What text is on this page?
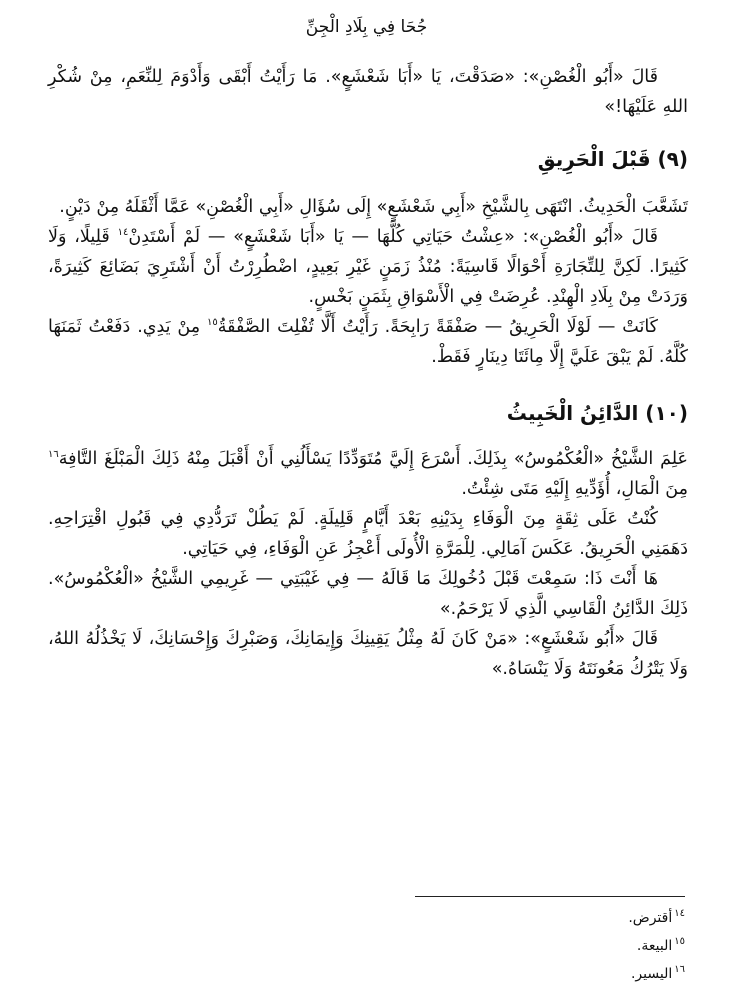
جُحَا فِي بِلَادِ الْجِنِّ

قَالَ «أَبُو الْغُصْنِ»: «صَدَقْتَ، يَا «أَبَا شَعْشَعٍ». مَا رَأَيْتُ أَبْقَى وَأَدْوَمَ لِلنِّعَمِ، مِنْ شُكْرِ اللهِ عَلَيْهَا!»

(٩) قَبْلَ الْحَرِيقِ

تَشَعَّبَ الْحَدِيثُ. انْتَهَى بِالشَّيْخِ «أَبِي شَعْشَعٍ» إِلَى سُؤَالِ «أَبِي الْغُصْنِ» عَمَّا أَثْقَلَهُ مِنْ دَيْنٍ.

قَالَ «أَبُو الْغُصْنِ»: «عِشْتُ حَيَاتِي كُلَّهَا — يَا «أَبَا شَعْشَعٍ» — لَمْ أَسْتَدِنْ$^{١٤}$ قَلِيلًا، وَلَا كَثِيرًا. لَكِنَّ لِلتِّجَارَةِ أَحْوَالًا قَاسِيَةً: مُنْذُ زَمَنٍ غَيْرِ بَعِيدٍ، اضْطُرِرْتُ أَنْ أَشْتَرِيَ بَضَائِعَ كَثِيرَةً، وَرَدَتْ مِنْ بِلَادِ الْهِنْدِ. عُرِضَتْ فِي الْأَسْوَاقِ بِثَمَنٍ بَخْسٍ.

كَانَتْ — لَوْلَا الْحَرِيقُ — صَفْقَةً رَابِحَةً. رَأَيْتُ أَلَّا تُفْلِتَ الصَّفْقَةُ$^{١٥}$ مِنْ يَدِي. دَفَعْتُ ثَمَنَهَا كُلَّهُ. لَمْ يَبْقَ عَلَيَّ إِلَّا مِائَتَا دِينَارٍ فَقَطْ.

(١٠) الدَّائِنُ الْخَبِيثُ

عَلِمَ الشَّيْخُ «الْعُكْمُوسُ» بِذَلِكَ. أَسْرَعَ إِلَيَّ مُتَوَدِّدًا يَسْأَلُنِي أَنْ أَقْبَلَ مِنْهُ ذَلِكَ الْمَبْلَغَ التَّافِهَ$^{١٦}$ مِنَ الْمَالِ، أُؤَدِّيهِ إِلَيْهِ مَتَى شِئْتُ.

كُنْتُ عَلَى ثِقَةٍ مِنَ الْوَفَاءِ بِدَيْنِهِ بَعْدَ أَيَّامٍ قَلِيلَةٍ. لَمْ يَطُلْ تَرَدُّدِي فِي قَبُولِ اقْتِرَاحِهِ. دَهَمَنِي الْحَرِيقُ. عَكَسَ آمَالِي. لِلْمَرَّةِ الْأُولَى أَعْجِزُ عَنِ الْوَفَاءِ، فِي حَيَاتِي.

هَا أَنْتَ ذَا: سَمِعْتَ قَبْلَ دُخُولِكَ مَا قَالَهُ — فِي غَيْبَتِي — غَرِيمِي الشَّيْخُ «الْعُكْمُوسُ». ذَلِكَ الدَّائِنُ الْقَاسِي الَّذِي لَا يَرْحَمُ.»

قَالَ «أَبُو شَعْشَعٍ»: «مَنْ كَانَ لَهُ مِثْلُ يَقِينِكَ وَإِيمَانِكَ، وَصَبْرِكَ وَإِحْسَانِكَ، لَا يَخْذُلُهُ اللهُ، وَلَا يَتْرُكُ مَعُونَتَهُ وَلَا يَنْسَاهُ.»

$^{١٤}$أقترض.

$^{١٥}$البيعة.

$^{١٦}$اليسير.
